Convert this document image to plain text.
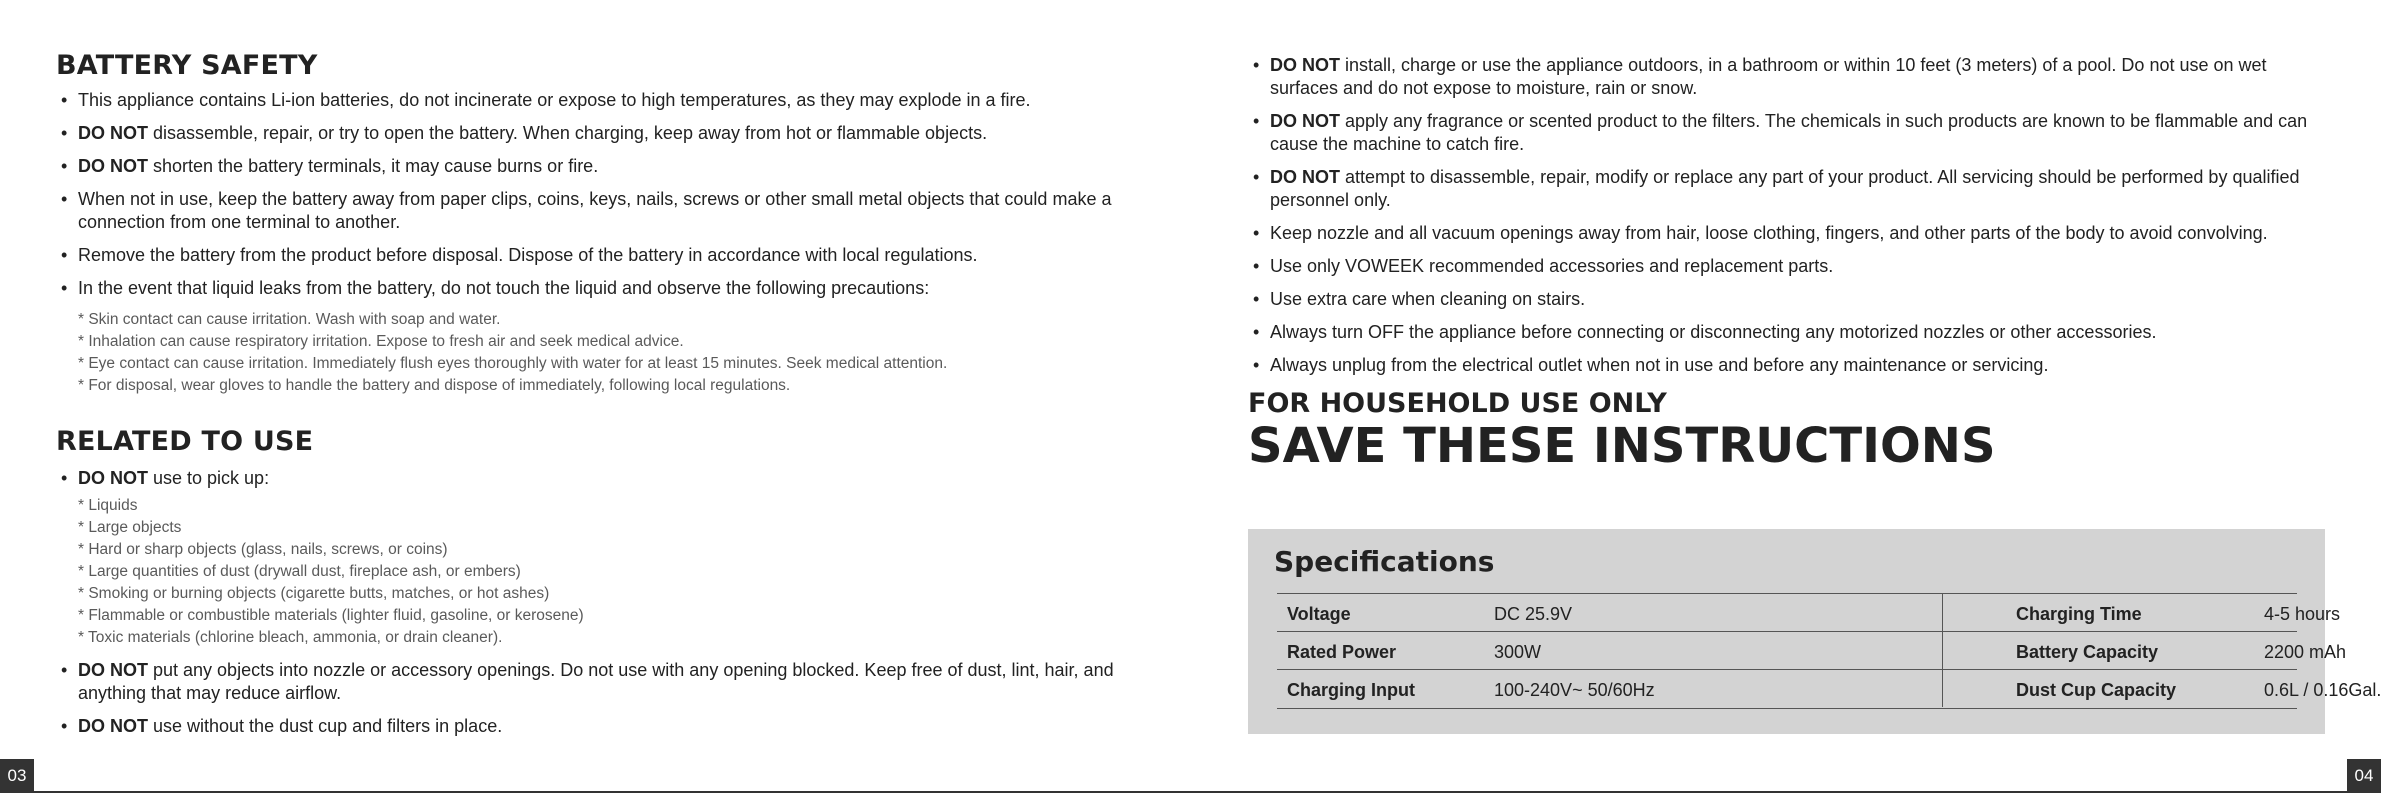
BATTERY SAFETY
• This appliance contains Li-ion batteries, do not incinerate or expose to high temperatures, as they may explode in a fire.
• DO NOT disassemble, repair, or try to open the battery. When charging, keep away from hot or flammable objects.
• DO NOT shorten the battery terminals, it may cause burns or fire.
• When not in use, keep the battery away from paper clips, coins, keys, nails, screws or other small metal objects that could make a connection from one terminal to another.
• Remove the battery from the product before disposal. Dispose of the battery in accordance with local regulations.
• In the event that liquid leaks from the battery, do not touch the liquid and observe the following precautions:
* Skin contact can cause irritation. Wash with soap and water.
* Inhalation can cause respiratory irritation. Expose to fresh air and seek medical advice.
* Eye contact can cause irritation. Immediately flush eyes thoroughly with water for at least 15 minutes. Seek medical attention.
* For disposal, wear gloves to handle the battery and dispose of immediately, following local regulations.
RELATED TO USE
• DO NOT use to pick up:
* Liquids
* Large objects
* Hard or sharp objects (glass, nails, screws, or coins)
* Large quantities of dust (drywall dust, fireplace ash, or embers)
* Smoking or burning objects (cigarette butts, matches, or hot ashes)
* Flammable or combustible materials (lighter fluid, gasoline, or kerosene)
* Toxic materials (chlorine bleach, ammonia, or drain cleaner).
• DO NOT put any objects into nozzle or accessory openings. Do not use with any opening blocked. Keep free of dust, lint, hair, and anything that may reduce airflow.
• DO NOT use without the dust cup and filters in place.
• DO NOT install, charge or use the appliance outdoors, in a bathroom or within 10 feet (3 meters) of a pool. Do not use on wet surfaces and do not expose to moisture, rain or snow.
• DO NOT apply any fragrance or scented product to the filters. The chemicals in such products are known to be flammable and can cause the machine to catch fire.
• DO NOT attempt to disassemble, repair, modify or replace any part of your product. All servicing should be performed by qualified personnel only.
• Keep nozzle and all vacuum openings away from hair, loose clothing, fingers, and other parts of the body to avoid convolving.
• Use only VOWEEK recommended accessories and replacement parts.
• Use extra care when cleaning on stairs.
• Always turn OFF the appliance before connecting or disconnecting any motorized nozzles or other accessories.
• Always unplug from the electrical outlet when not in use and before any maintenance or servicing.
FOR HOUSEHOLD USE ONLY
SAVE THESE INSTRUCTIONS
Specifications
Voltage	DC 25.9V	Charging Time	4-5 hours
Rated Power	300W	Battery Capacity	2200 mAh
Charging Input	100-240V~ 50/60Hz	Dust Cup Capacity	0.6L / 0.16Gal.
03	04
